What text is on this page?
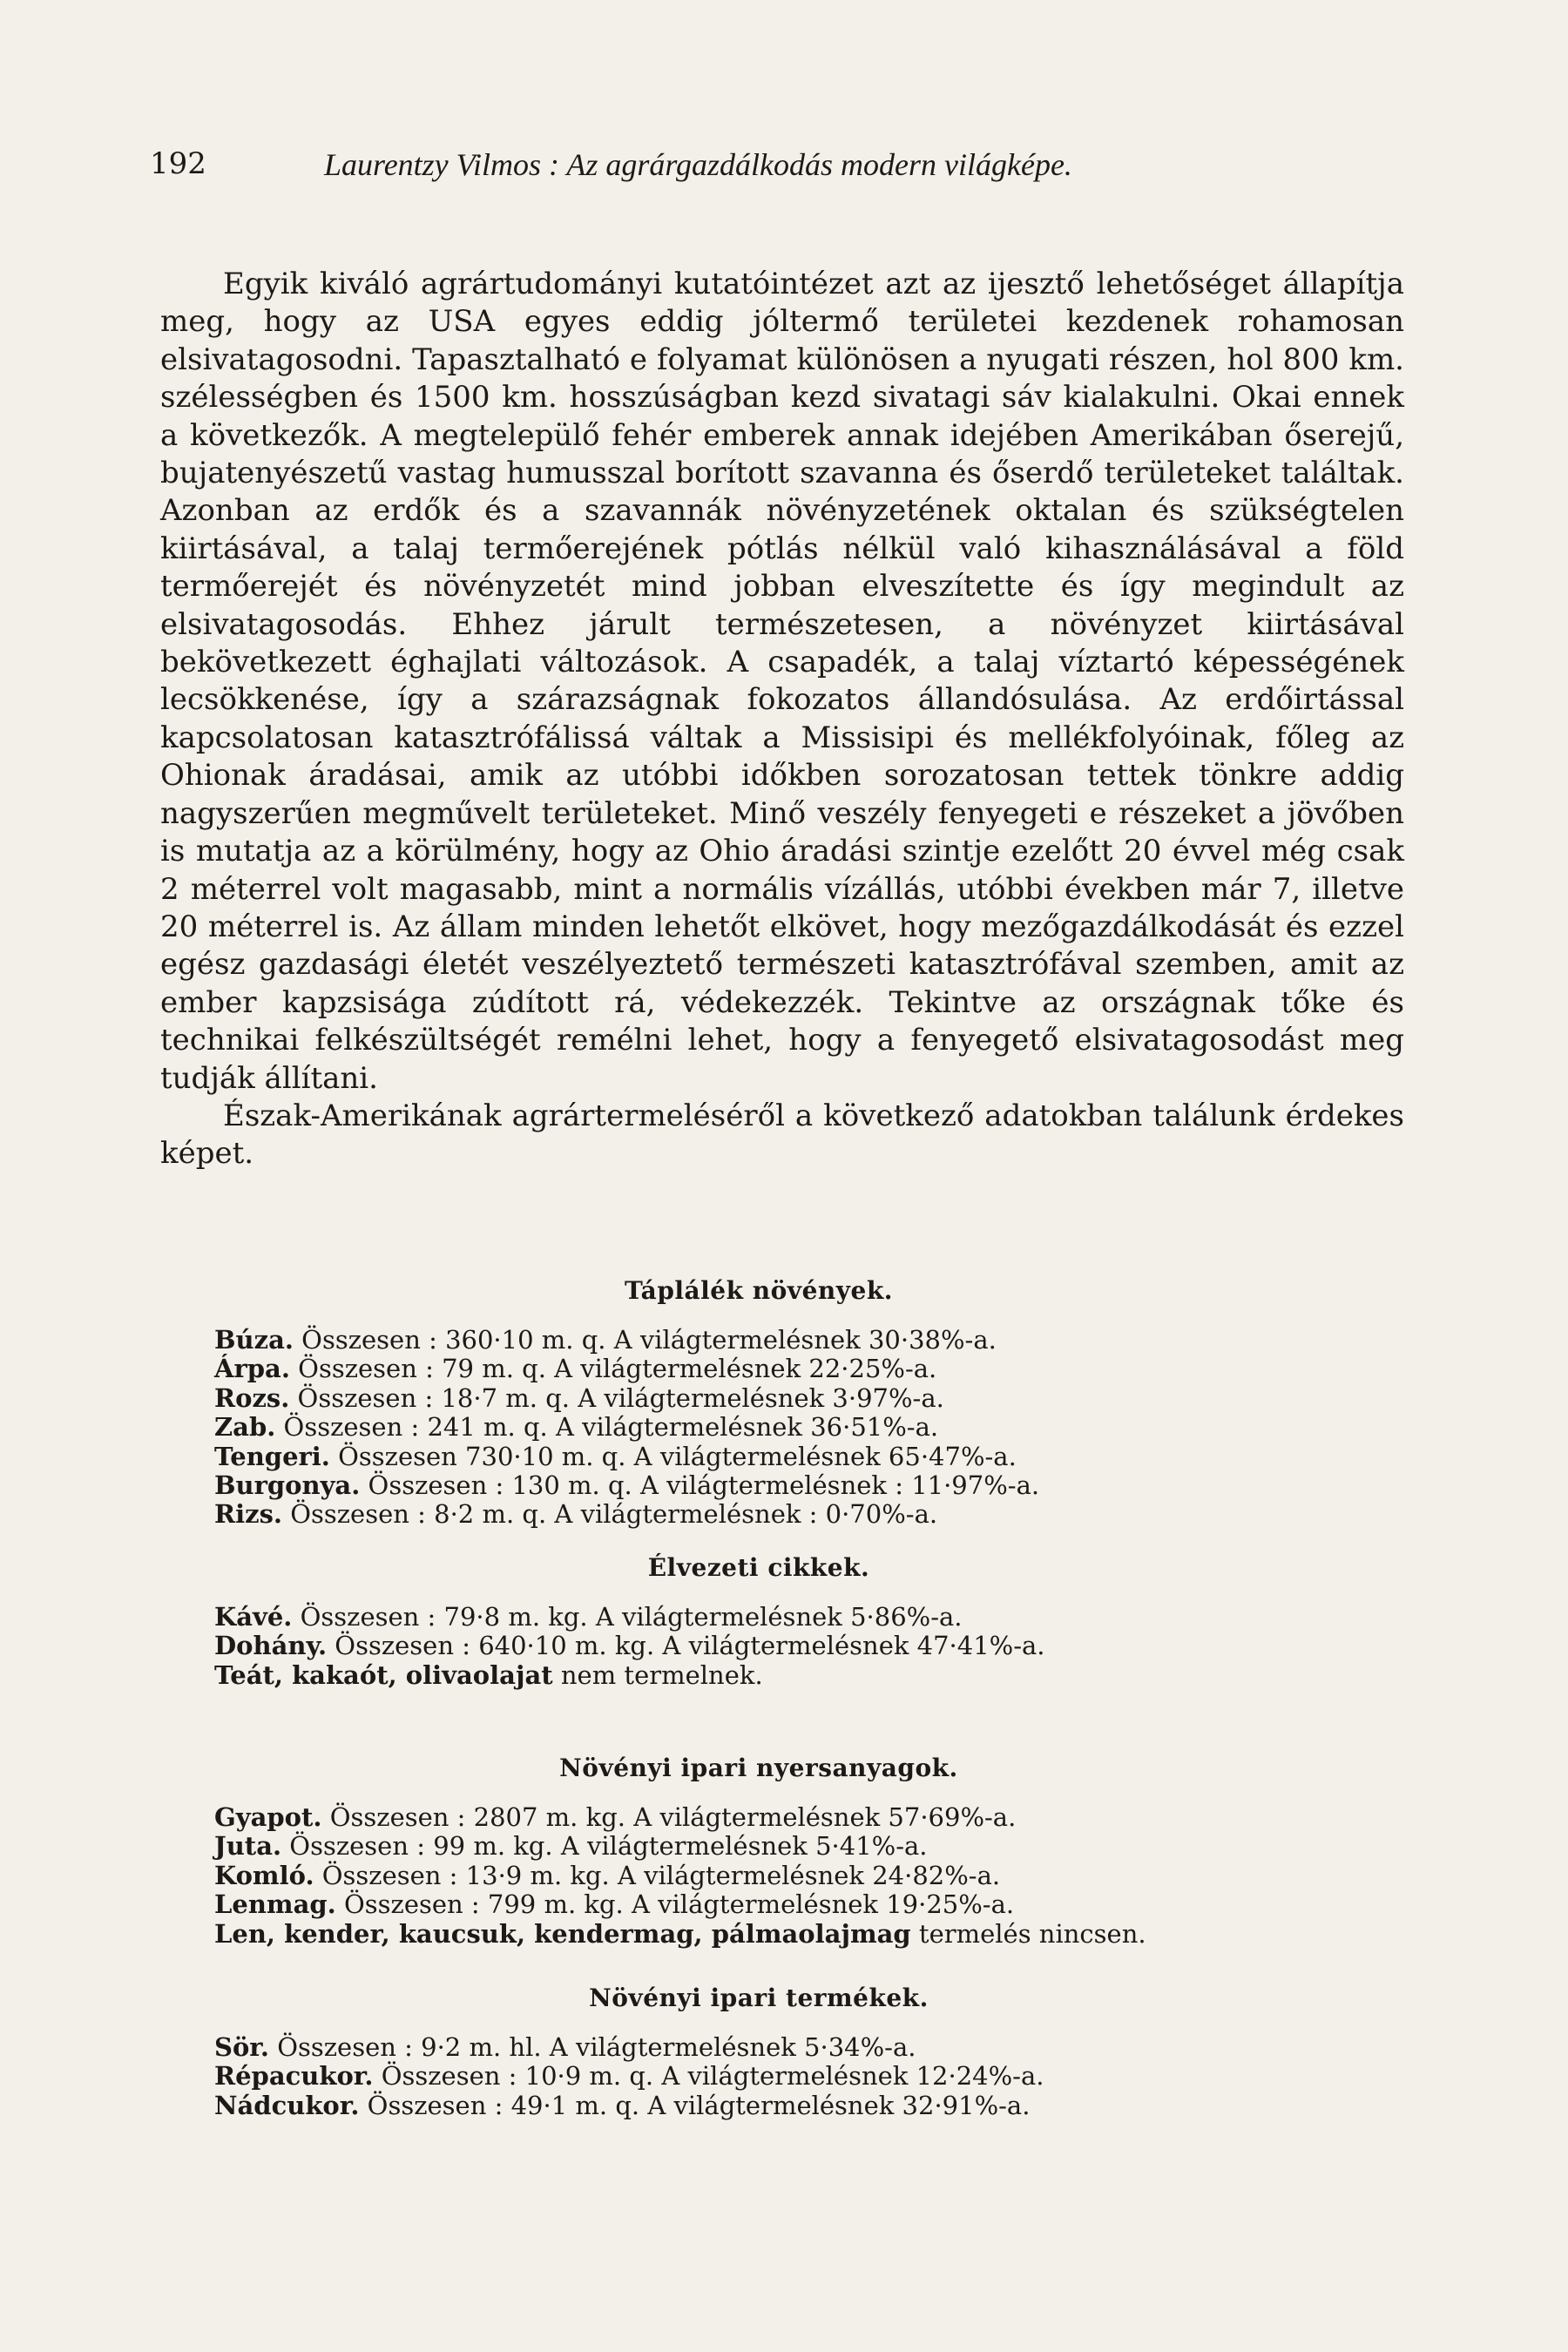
192	Laurentzy Vilmos : Az agrárgazdálkodás modern világképe.

Egyik kiváló agrártudományi kutatóintézet azt az ijesztő lehetőséget állapítja meg, hogy az USA egyes eddig jóltermő területei kezdenek rohamosan elsivatagosodni. Tapasztalható e folyamat különösen a nyugati részen, hol 800 km. szélességben és 1500 km. hosszúságban kezd sivatagi sáv kialakulni. Okai ennek a következők. A megtelepülő fehér emberek annak idejében Amerikában őserejű, bujatenyészetű vastag humusszal borított szavanna és őserdő területeket találtak. Azonban az erdők és a szavannák növényzetének oktalan és szükségtelen kiirtásával, a talaj termőerejének pótlás nélkül való kihasználásával a föld termőerejét és növényzetét mind jobban elveszítette és így megindult az elsivatagosodás. Ehhez járult természetesen, a növényzet kiirtásával bekövetkezett éghajlati változások. A csapadék, a talaj víztartó képességének lecsökkenése, így a szárazságnak fokozatos állandósulása. Az erdőirtással kapcsolatosan katasztrófálissá váltak a Missisipi és mellékfolyóinak, főleg az Ohionak áradásai, amik az utóbbi időkben sorozatosan tettek tönkre addig nagyszerűen megművelt területeket. Minő veszély fenyegeti e részeket a jövőben is mutatja az a körülmény, hogy az Ohio áradási szintje ezelőtt 20 évvel még csak 2 méterrel volt magasabb, mint a normális vízállás, utóbbi években már 7, illetve 20 méterrel is. Az állam minden lehetőt elkövet, hogy mezőgazdálkodását és ezzel egész gazdasági életét veszélyeztető természeti katasztrófával szemben, amit az ember kapzsisága zúdított rá, védekezzék. Tekintve az országnak tőke és technikai felkészültségét remélni lehet, hogy a fenyegető elsivatagosodást meg tudják állítani.

Észak-Amerikának agrártermeléséről a következő adatokban találunk érdekes képet.

Táplálék növények.
Búza. Összesen : 360·10 m. q. A világtermelésnek 30·38%-a.
Árpa. Összesen : 79 m. q. A világtermelésnek 22·25%-a.
Rozs. Összesen : 18·7 m. q. A világtermelésnek 3·97%-a.
Zab. Összesen : 241 m. q. A világtermelésnek 36·51%-a.
Tengeri. Összesen 730·10 m. q. A világtermelésnek 65·47%-a.
Burgonya. Összesen : 130 m. q. A világtermelésnek : 11·97%-a.
Rizs. Összesen : 8·2 m. q. A világtermelésnek : 0·70%-a.
Élvezeti cikkek.
Kávé. Összesen : 79·8 m. kg. A világtermelésnek 5·86%-a.
Dohány. Összesen : 640·10 m. kg. A világtermelésnek 47·41%-a.
Teát, kakaót, olivaolajat nem termelnek.
Növényi ipari nyersanyagok.
Gyapot. Összesen : 2807 m. kg. A világtermelésnek 57·69%-a.
Juta. Összesen : 99 m. kg. A világtermelésnek 5·41%-a.
Komló. Összesen : 13·9 m. kg. A világtermelésnek 24·82%-a.
Lenmag. Összesen : 799 m. kg. A világtermelésnek 19·25%-a.
Len, kender, kaucsuk, kendermag, pálmaolajmag termelés nincsen.
Növényi ipari termékek.
Sör. Összesen : 9·2 m. hl. A világtermelésnek 5·34%-a.
Répacukor. Összesen : 10·9 m. q. A világtermelésnek 12·24%-a.
Nádcukor. Összesen : 49·1 m. q. A világtermelésnek 32·91%-a.
